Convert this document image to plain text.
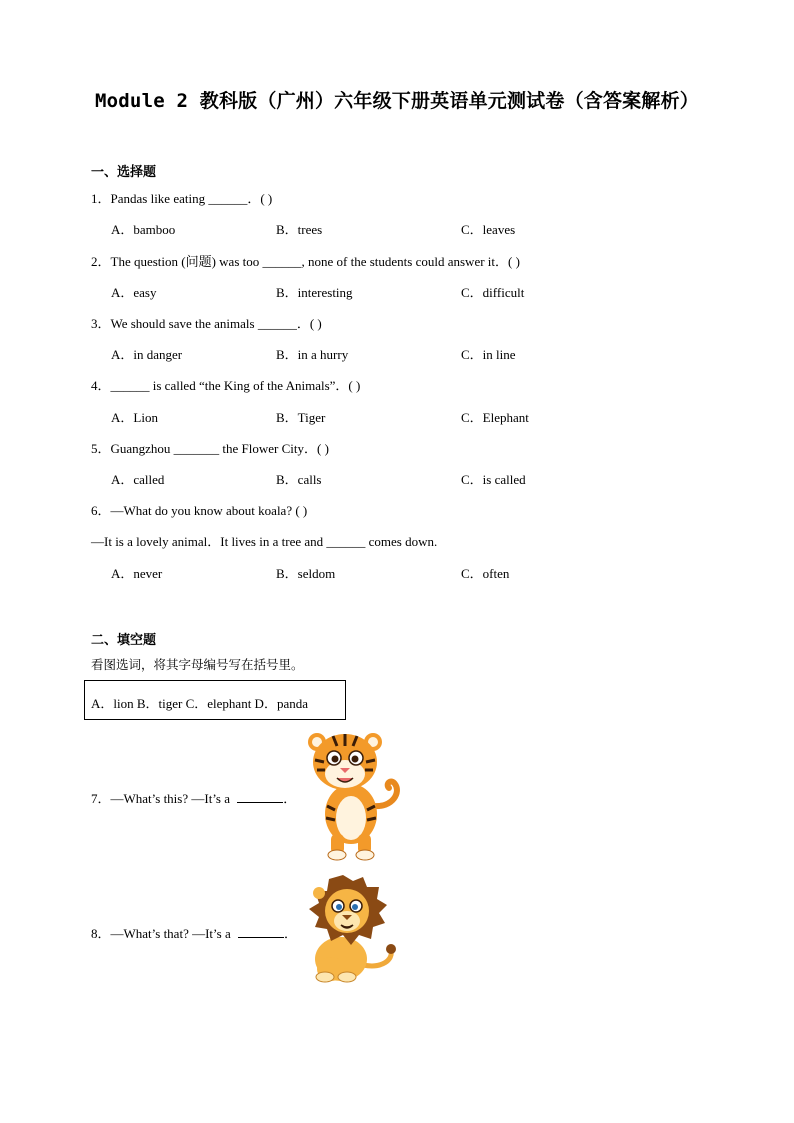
Module 2 教科版（广州）六年级下册英语单元测试卷（含答案解析）
一、选择题
1．Pandas like eating ______．( )
A．bamboo	B．trees	C．leaves
2．The question (问题) was too ______, none of the students could answer it．( )
A．easy	B．interesting	C．difficult
3．We should save the animals ______．( )
A．in danger	B．in a hurry	C．in line
4．______ is called “the King of the Animals”．( )
A．Lion	B．Tiger	C．Elephant
5．Guangzhou _______ the Flower City．( )
A．called	B．calls	C．is called
6．—What do you know about koala? ( )
—It is a lovely animal．It lives in a tree and ______ comes down.
A．never	B．seldom	C．often
二、填空题
看图选词，将其字母编号写在括号里。
A．lion B．tiger C．elephant D．panda
7．—What’s this? —It’s a	．
8．—What’s that? —It’s a	．
